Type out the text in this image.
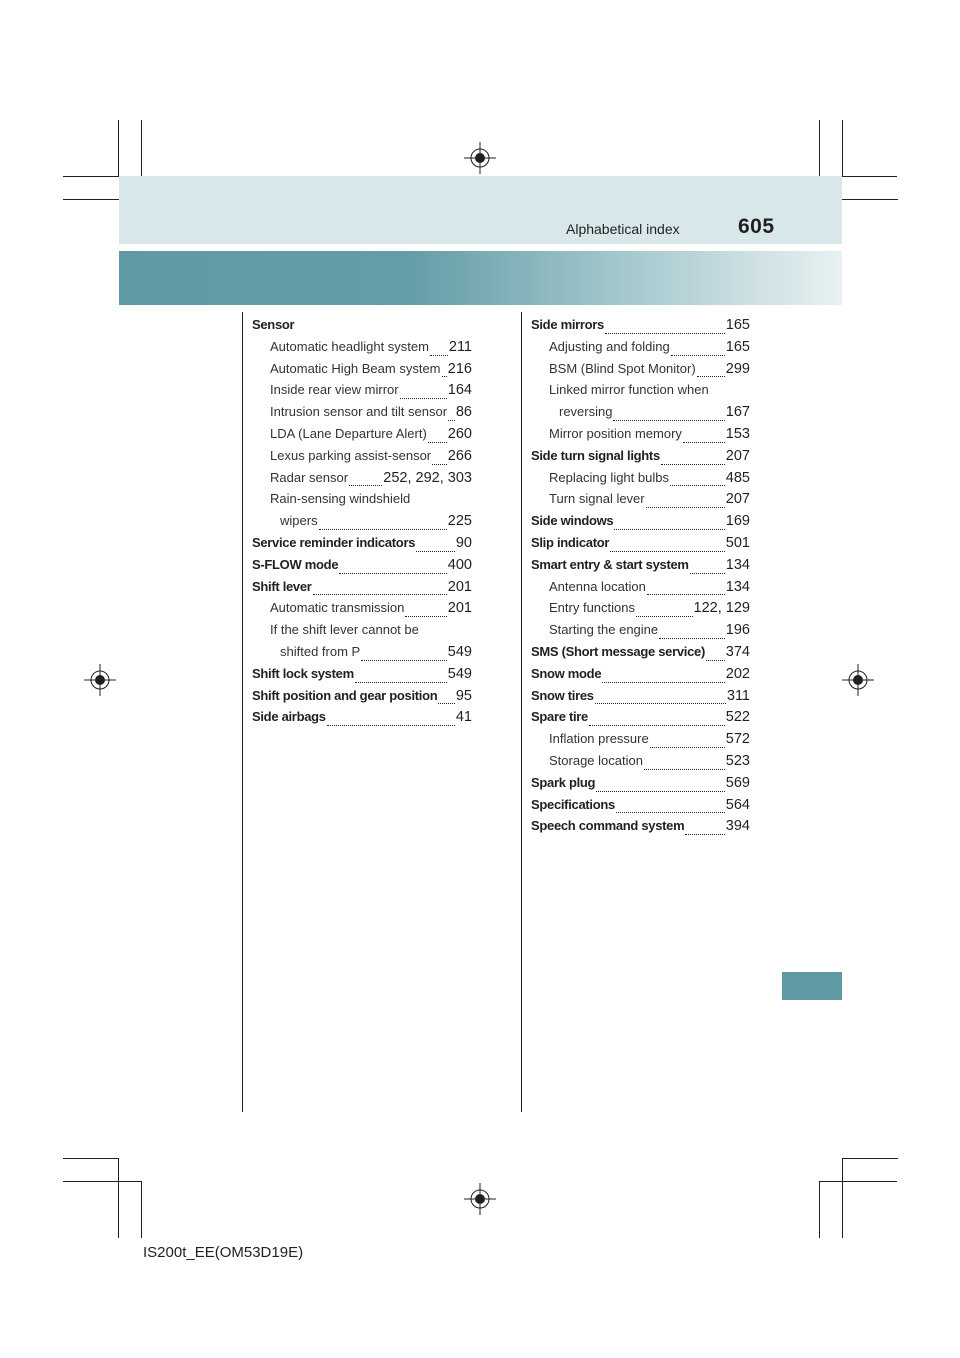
Alphabetical index	605
Sensor
Automatic headlight system 211
Automatic High Beam system 216
Inside rear view mirror	164
Intrusion sensor and tilt sensor 86
LDA (Lane Departure Alert) 260
Lexus parking assist-sensor 266
Radar sensor 252, 292, 303
Rain-sensing windshield
wipers	225
Service reminder indicators	90
S-FLOW mode	400
Shift lever	201
Automatic transmission	201
If the shift lever cannot be
shifted from P	549
Shift lock system	549
Shift position and gear position 95
Side airbags	41
Side mirrors	165
Adjusting and folding	165
BSM (Blind Spot Monitor) 299
Linked mirror function when
reversing	167
Mirror position memory	153
Side turn signal lights	207
Replacing light bulbs	485
Turn signal lever	207
Side windows	169
Slip indicator	501
Smart entry & start system	134
Antenna location	134
Entry functions	122, 129
Starting the engine	196
SMS (Short message service) 374
Snow mode	202
Snow tires	311
Spare tire	522
Inflation pressure	572
Storage location	523
Spark plug	569
Specifications	564
Speech command system	394
IS200t_EE(OM53D19E)
